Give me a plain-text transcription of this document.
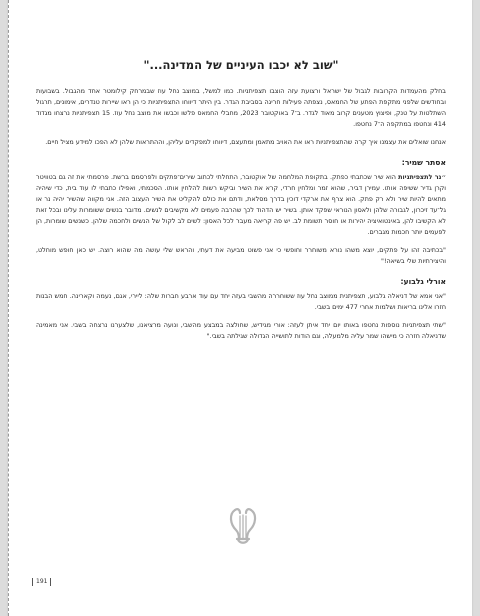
"שוב לא יכבו העיניים של המדינה..."

בחלק מהעמדות הקרובות לגבול של ישראל ורצועת עזה הוצבו תצפיתניות. כמו למשל, במוצב נחל עוז שבמרחק קילומטר אחד מהגבול. בשבועות ובחודשים שלפני מתקפת הפתע של החמאס, נצפתה פעילות חריגה בסביבת הגדר. בין היתר דיווחו התצפיתניות כי הן ראו שיירות טנדרים, אימונים, תרגול השתלטות על טנק, ופיצוץ מטענים קרוב מאוד לגדר. ב־7 באוקטובר 2023, מחבלי החמאס פלשו וכבשו את מוצב נחל עוז. 15 תצפיתניות נרצחו מגדוד 414 ונחטפו במתקפה ה־7 נחטפו.

אנחנו שואלים את עצמנו איך קרה שהתצפיתניות ראו את האויב מתאמן ומתעצם, דיווחו למפקדים עליהן, וההתראות שלהן לא הפכו למידע מציל חיים.

אסתר שמיר:

״נר לתצפיתניות הוא שיר שכתבתי כפתק. בתקופת המלחמה של אוקטובר, התחלתי לכתוב שירים־פתקים ולפרסמם ברשת. פרסמתי את זה גם בטוויטר וקרן גדיר ששיפה אותו. עמירן דביר, שהוא זמר ומלחין חרדי, קרא את השיר וביקש רשות להלחין אותו. הסכמתי, ואפילו כתבתי לו עוד בית, כדי שיהיה מתאים להיות שיר ולא רק פתק. הוא צרף את ארקדי דוכין בדרך מסלאת, ודתם את כולם להקליט את השיר העצוב הזה. אני מקווה שהשיר יהיה נר או גל־עד זיכרון, לגבורה שלהן ולאסון הנוראי שפקד אותן. בשיר יש הדהוד לכך שהרבה פעמים לא מקשיבים לנשים. מדובר בנשים ששומרות עלינו ובכל זאת לא הקשיבו להן, באינטואיציה יהירות או חוסר תשומת לב. יש פה קריאה מעבר לכל האסון: לשים לב לקול של הנשים ולחכמה שלהן. כשנשים שומרות, הן לפעמים יותר חכמות מגברים.

"בכתיבה זהו על פתקים, יוצא משהו נורא משוחרר וחופשי כי אני פשוט מביעה את דעתי, והראש שלי עושה מה שהוא רוצה. יש כאן חופש מוחלט, והיצירתיות שלי בשיאה!"

אורלי גלבוע:

"אני אמא של דניאלה גלבוע, תצפיתנית ממוצב נחל עוז ששוחררה מהשבי בעזה יחד עם עוד ארבע חברות שלה: ליירי, אגם, נעמה וקארינה. חמש הבנות חזרו אלינו בריאות ושלמות אחרי 477 ימים בשבי.

"שתי תצפיתניות נוספות נחטפו באותו יום יחד איתן לעזה: אורי מגידיש, שחולצה במבצע מהשבי, ונועה מרציאנו, שלצערנו נרצחה בשבי. אני מאמינה שדניאלה חזרה כי מישהו שמר עליה מלמעלה, וגם הודות לתושייה הגדולה שגילתה בשבי."

191
